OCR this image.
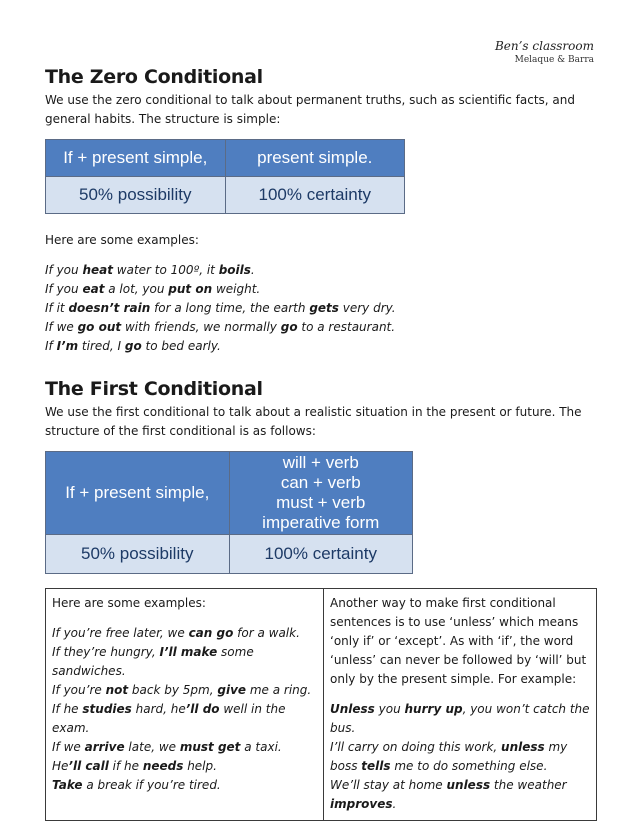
Ben’s classroom
Melaque & Barra
The Zero Conditional

We use the zero conditional to talk about permanent truths, such as scientific facts, and general habits. The structure is simple:

If + present simple,	present simple.
50% possibility	100% certainty

Here are some examples:

If you heat water to 100º, it boils.
If you eat a lot, you put on weight.
If it doesn’t rain for a long time, the earth gets very dry.
If we go out with friends, we normally go to a restaurant.
If I’m tired, I go to bed early.
The First Conditional

We use the first conditional to talk about a realistic situation in the present or future. The structure of the first conditional is as follows:

If + present simple,	will + verb
can + verb
must + verb
imperative form

50% possibility	100% certainty
Here are some examples:
If you’re free later, we can go for a walk.
If they’re hungry, I’ll make some sandwiches.
If you’re not back by 5pm, give me a ring.
If he studies hard, he’ll do well in the exam.
If we arrive late, we must get a taxi.
He’ll call if he needs help.
Take a break if you’re tired.

Another way to make first conditional sentences is to use ‘unless’ which means ‘only if’ or ‘except’. As with ‘if’, the word ‘unless’ can never be followed by ‘will’ but only by the present simple. For example:
Unless you hurry up, you won’t catch the bus.
I’ll carry on doing this work, unless my
boss tells me to do something else.
We’ll stay at home unless the weather improves.
